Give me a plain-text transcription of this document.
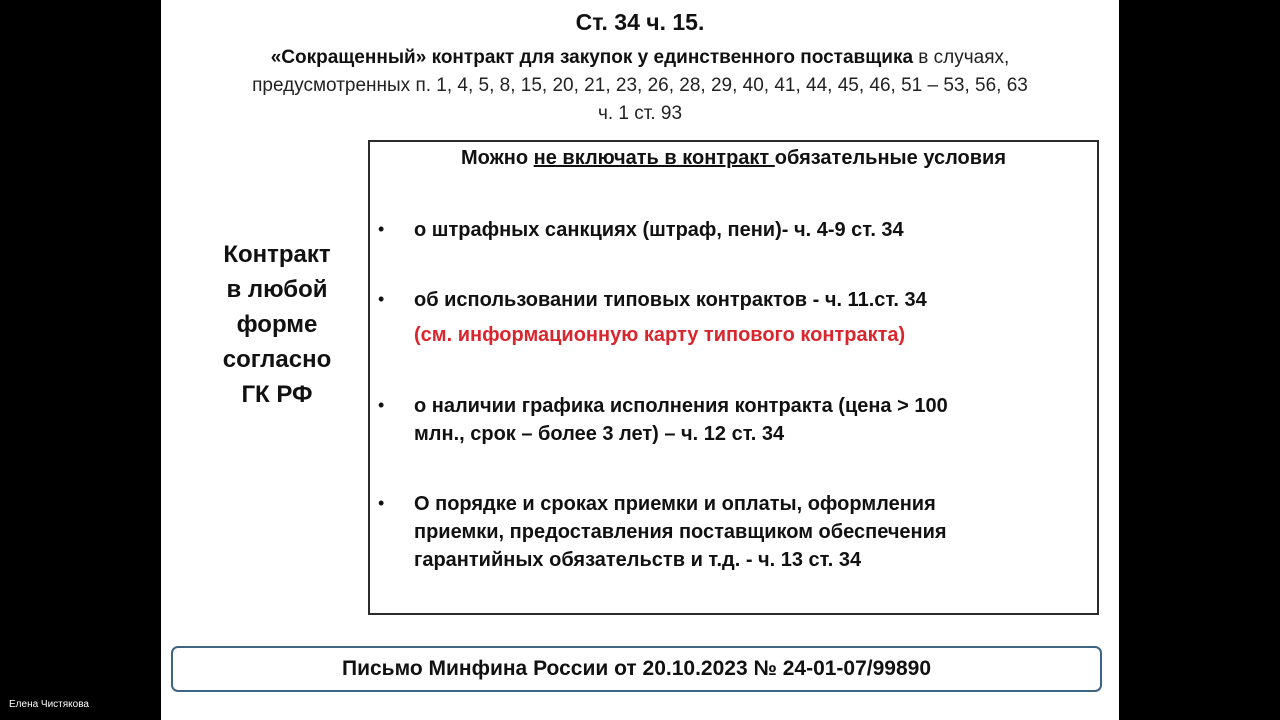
Ст. 34 ч. 15.
«Сокращенный» контракт для закупок у единственного поставщика в случаях,
предусмотренных п. 1, 4, 5, 8, 15, 20, 21, 23, 26, 28, 29, 40, 41, 44, 45, 46, 51 – 53, 56, 63
ч. 1 ст. 93
Контракт
в любой
форме
согласно
ГК РФ
Можно не включать в контракт обязательные условия
• о штрафных санкциях (штраф, пени)- ч. 4-9 ст. 34
• об использовании типовых контрактов - ч. 11.ст. 34
(см. информационную карту типового контракта)
• о наличии графика исполнения контракта (цена > 100
млн., срок – более 3 лет) – ч. 12 ст. 34
• О порядке и сроках приемки и оплаты, оформления
приемки, предоставления поставщиком обеспечения
гарантийных обязательств и т.д. - ч. 13 ст. 34
Письмо Минфина России от 20.10.2023 № 24-01-07/99890
Елена Чистякова
